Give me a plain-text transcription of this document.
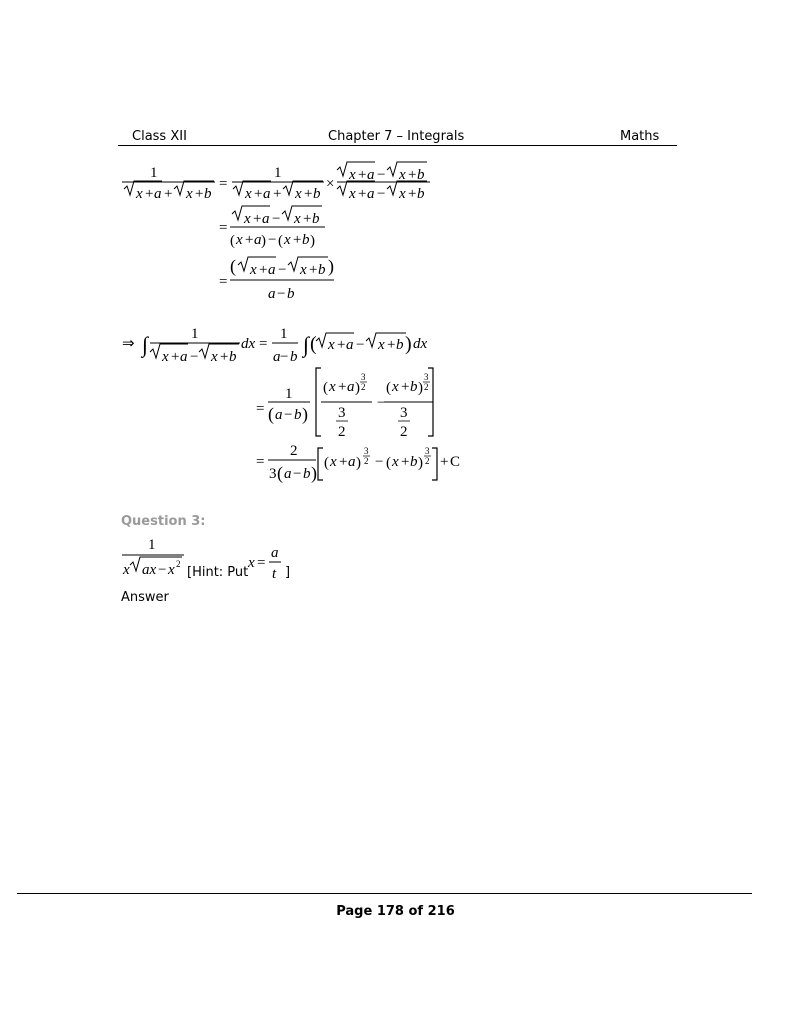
Class XII	Chapter 7 – Integrals	Maths
1
x + a + x + b
=
1
x + a + x + b
×
x + a − x + b
x + a − x + b
=
x + a − x + b
( x + a ) − ( x + b )
=
( x + a − x + b )
a − b
⇒ ∫	1
x + a − x + b
dx =
1
a − b ∫ ( x + a − x + b ) dx
=
1
( a − b )
( x + a )
3
2
3
2
−
( x + b )
3
2
3
2
=
2
3 ( a − b ) ( x + a )
3
2 − ( x + b )
3
2 + C
Question 3:
1
x ax − x 2
[Hint: Put
x =
a
t ]
Answer
Page 178 of 216
